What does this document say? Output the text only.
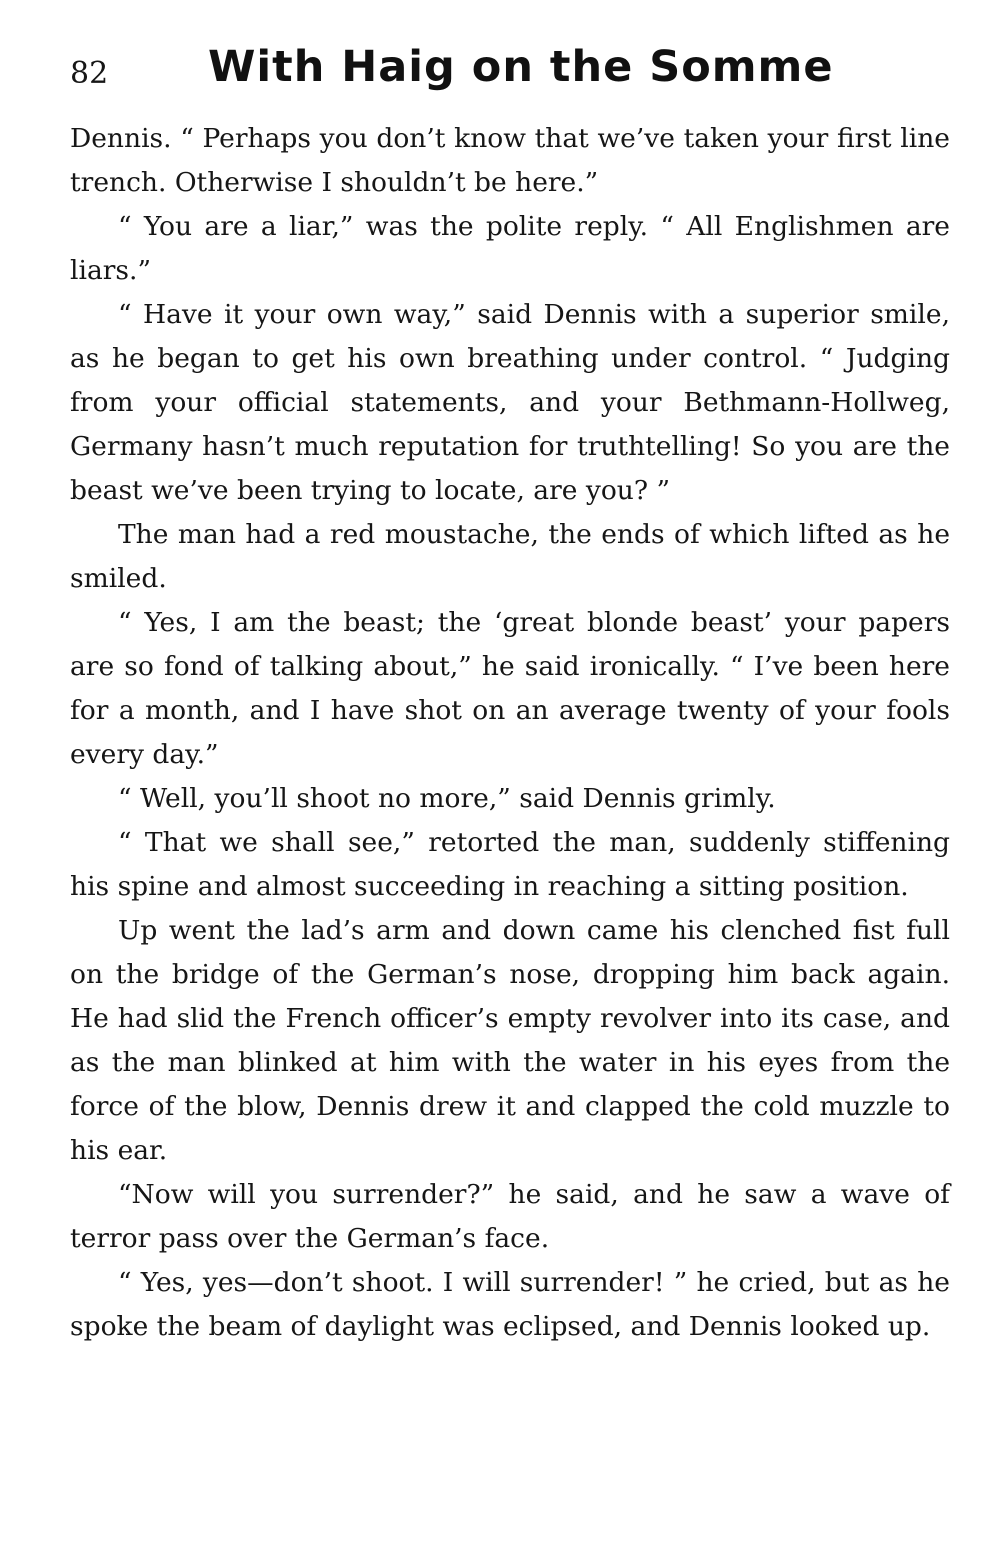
82 With Haig on the Somme

Dennis. “ Perhaps you don’t know that we’ve taken your first line trench. Otherwise I shouldn’t be here.”

“ You are a liar,” was the polite reply. “ All Englishmen are liars.”

“ Have it your own way,” said Dennis with a superior smile, as he began to get his own breathing under control. “ Judging from your official statements, and your Bethmann-Hollweg, Germany hasn’t much reputation for truthtelling! So you are the beast we’ve been trying to locate, are you? ”

The man had a red moustache, the ends of which lifted as he smiled.

“ Yes, I am the beast; the ‘great blonde beast’ your papers are so fond of talking about,” he said ironically. “ I’ve been here for a month, and I have shot on an average twenty of your fools every day.”

“ Well, you’ll shoot no more,” said Dennis grimly.

“ That we shall see,” retorted the man, suddenly stiffening his spine and almost succeeding in reaching a sitting position.

Up went the lad’s arm and down came his clenched fist full on the bridge of the German’s nose, dropping him back again. He had slid the French officer’s empty revolver into its case, and as the man blinked at him with the water in his eyes from the force of the blow, Dennis drew it and clapped the cold muzzle to his ear.

“Now will you surrender?” he said, and he saw a wave of terror pass over the German’s face.

“ Yes, yes—don’t shoot. I will surrender! ” he cried, but as he spoke the beam of daylight was eclipsed, and Dennis looked up.
